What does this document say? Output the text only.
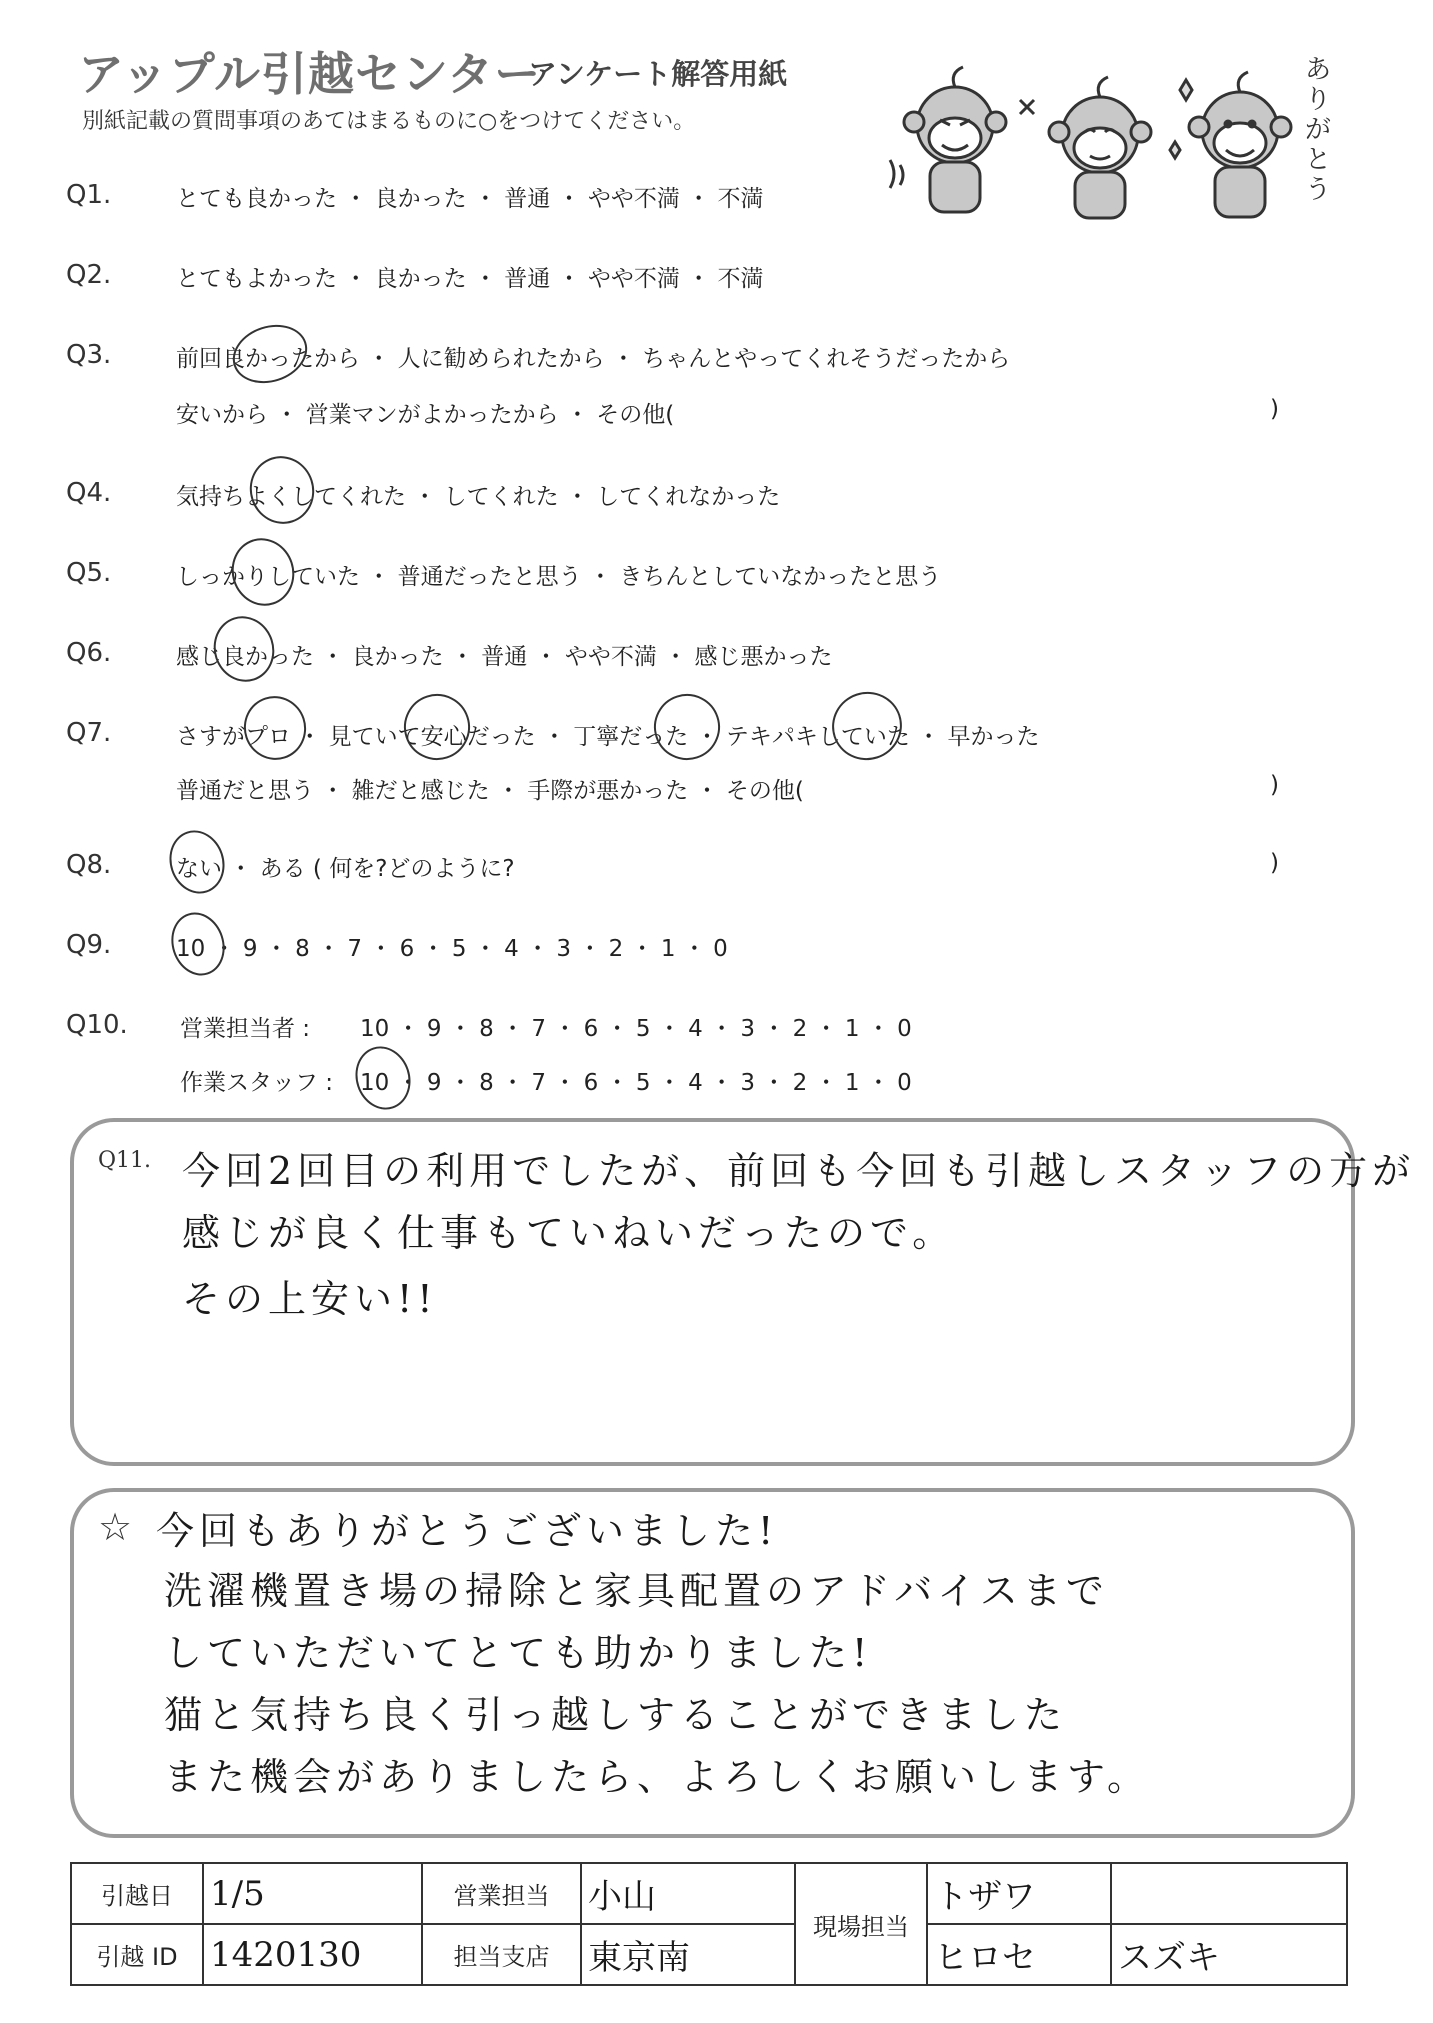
アップル引越センター
アンケート解答用紙
別紙記載の質問事項のあてはまるものに○をつけてください。
ありがとう
Q1.	とても良かった ・ 良かった ・ 普通 ・ やや不満 ・ 不満
Q2.	とてもよかった ・ 良かった ・ 普通 ・ やや不満 ・ 不満
Q3.	前回良かったから ・ 人に勧められたから ・ ちゃんとやってくれそうだったから
安いから ・ 営業マンがよかったから ・ その他(	)
Q4.	気持ちよくしてくれた ・ してくれた ・ してくれなかった
Q5.	しっかりしていた ・ 普通だったと思う ・ きちんとしていなかったと思う
Q6.	感じ良かった ・ 良かった ・ 普通 ・ やや不満 ・ 感じ悪かった
Q7.	さすがプロ ・ 見ていて安心だった ・ 丁寧だった ・ テキパキしていた ・ 早かった
普通だと思う ・ 雑だと感じた ・ 手際が悪かった ・ その他(	)
Q8.	ない ・ ある ( 何を?どのように?	)
Q9.	10 ・ 9 ・ 8 ・ 7 ・ 6 ・ 5 ・ 4 ・ 3 ・ 2 ・ 1 ・ 0
Q10. 営業担当者 : 10 ・ 9 ・ 8 ・ 7 ・ 6 ・ 5 ・ 4 ・ 3 ・ 2 ・ 1 ・ 0
作業スタッフ : 10 ・ 9 ・ 8 ・ 7 ・ 6 ・ 5 ・ 4 ・ 3 ・ 2 ・ 1 ・ 0
Q11. 今回2回目の利用でしたが、前回も今回も引越しスタッフの方が
感じが良く仕事もていねいだったので。
その上安い!!
☆ 今回もありがとうございました!
洗濯機置き場の掃除と家具配置のアドバイスまで
していただいてとても助かりました!
猫と気持ち良く引っ越しすることができました
また機会がありましたら、よろしくお願いします。
引越日	1/5	営業担当	小山	現場担当	トザワ	
引越 ID	1420130	担当支店	東京南		ヒロセ	スズキ
